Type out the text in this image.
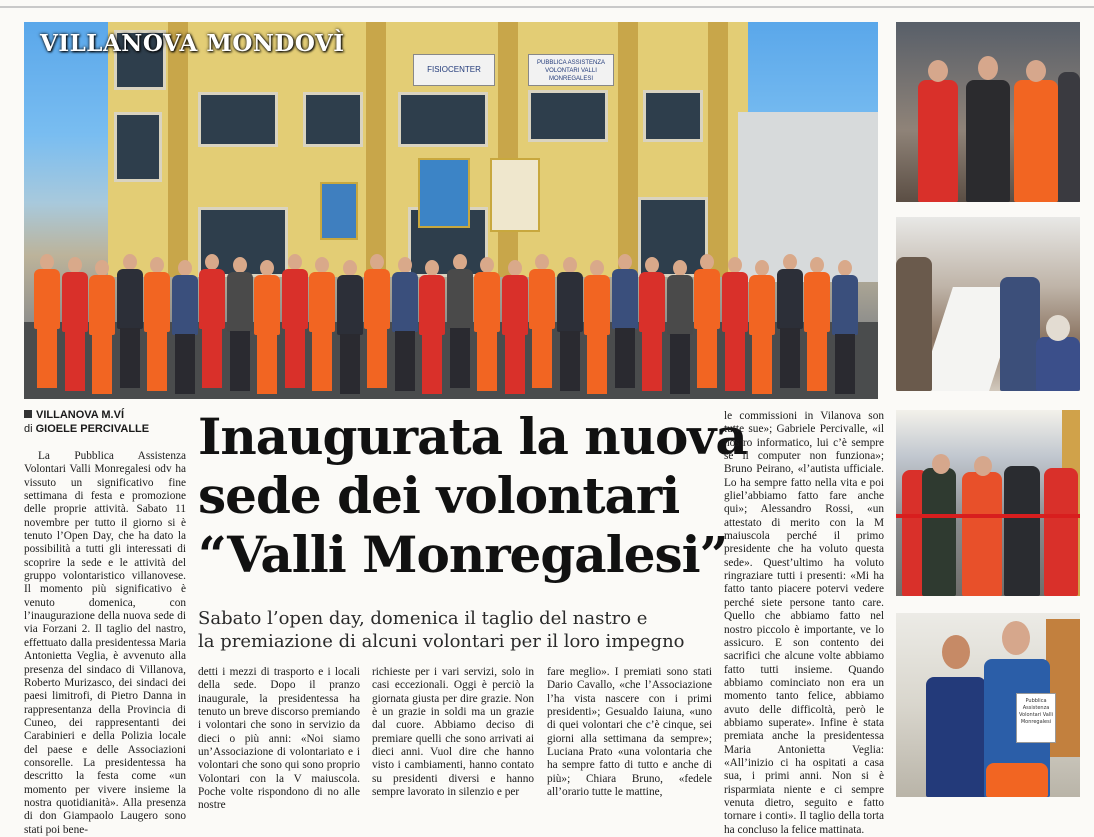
FISIOCENTER
PUBBLICA ASSISTENZA VOLONTARI VALLI MONREGALESI
VILLANOVA MONDOVÌ
Pubblica Assistenza Volontari Valli Monregalesi
VILLANOVA M.VÍ
di GIOELE PERCIVALLE Inaugurata la nuova
sede dei volontari
“Valli Monregalesi”
Sabato l’open day, domenica il taglio del nastro e
la premiazione di alcuni volontari per il loro impegno

La Pubblica Assistenza Volontari Valli Monregalesi odv ha vissuto un significativo fine settimana di festa e promozione delle proprie attività. Sabato 11 novembre per tutto il giorno si è tenuto l’Open Day, che ha dato la possibilità a tutti gli interessati di scoprire la sede e le attività del gruppo volontaristico villanovese. Il momento più significativo è venuto domenica, con l’inaugurazione della nuova sede di via Forzani 2. Il taglio del nastro, effettuato dalla presidentessa Maria Antonietta Veglia, è avvenuto alla presenza del sindaco di Villanova, Roberto Murizasco, dei sindaci dei paesi limitrofi, di Pietro Danna in rappresentanza della Provincia di Cuneo, dei rappresentanti dei Carabinieri e della Polizia locale del paese e delle Associazioni consorelle. La presidentessa ha descritto la festa come «un momento per vivere insieme la nostra quotidianità». Alla presenza di don Giampaolo Laugero sono stati poi bene-

detti i mezzi di trasporto e i locali della sede. Dopo il pranzo inaugurale, la presidentessa ha tenuto un breve discorso premiando i volontari che sono in servizio da dieci o più anni: «Noi siamo un’Associazione di volontariato e i volontari che sono qui sono proprio Volontari con la V maiuscola. Poche volte rispondono di no alle nostre

richieste per i vari servizi, solo in casi eccezionali. Oggi è perciò la giornata giusta per dire grazie. Non è un grazie in soldi ma un grazie dal cuore. Abbiamo deciso di premiare quelli che sono arrivati ai dieci anni. Vuol dire che hanno visto i cambiamenti, hanno contato su presidenti diversi e hanno sempre lavorato in silenzio e per

fare meglio». I premiati sono stati Dario Cavallo, «che l’Associazione l’ha vista nascere con i primi presidenti»; Gesualdo Iaiuna, «uno di quei volontari che c’è cinque, sei giorni alla settimana da sempre»; Luciana Prato «una volontaria che ha sempre fatto di tutto e anche di più»; Chiara Bruno, «fedele all’orario tutte le mattine,

le commissioni in Vilanova son tutte sue»; Gabriele Percivalle, «il nostro informatico, lui c’è sempre se il computer non funziona»; Bruno Peirano, «l’autista ufficiale. Lo ha sempre fatto nella vita e poi gliel’abbiamo fatto fare anche qui»; Alessandro Rossi, «un attestato di merito con la M maiuscola perché il primo presidente che ha voluto questa sede». Quest’ultimo ha voluto ringraziare tutti i presenti: «Mi ha fatto tanto piacere potervi vedere perché siete persone tanto care. Quello che abbiamo fatto nel nostro piccolo è importante, ve lo assicuro. E son contento dei sacrifici che alcune volte abbiamo fatto tutti insieme. Quando abbiamo cominciato non era un momento tanto felice, abbiamo avuto delle difficoltà, però le abbiamo superate». Infine è stata premiata anche la presidentessa Maria Antonietta Veglia: «All’inizio ci ha ospitati a casa sua, i primi anni. Non si è risparmiata niente e ci sempre venuta dietro, seguito e fatto tornare i conti». Il taglio della torta ha concluso la felice mattinata.
